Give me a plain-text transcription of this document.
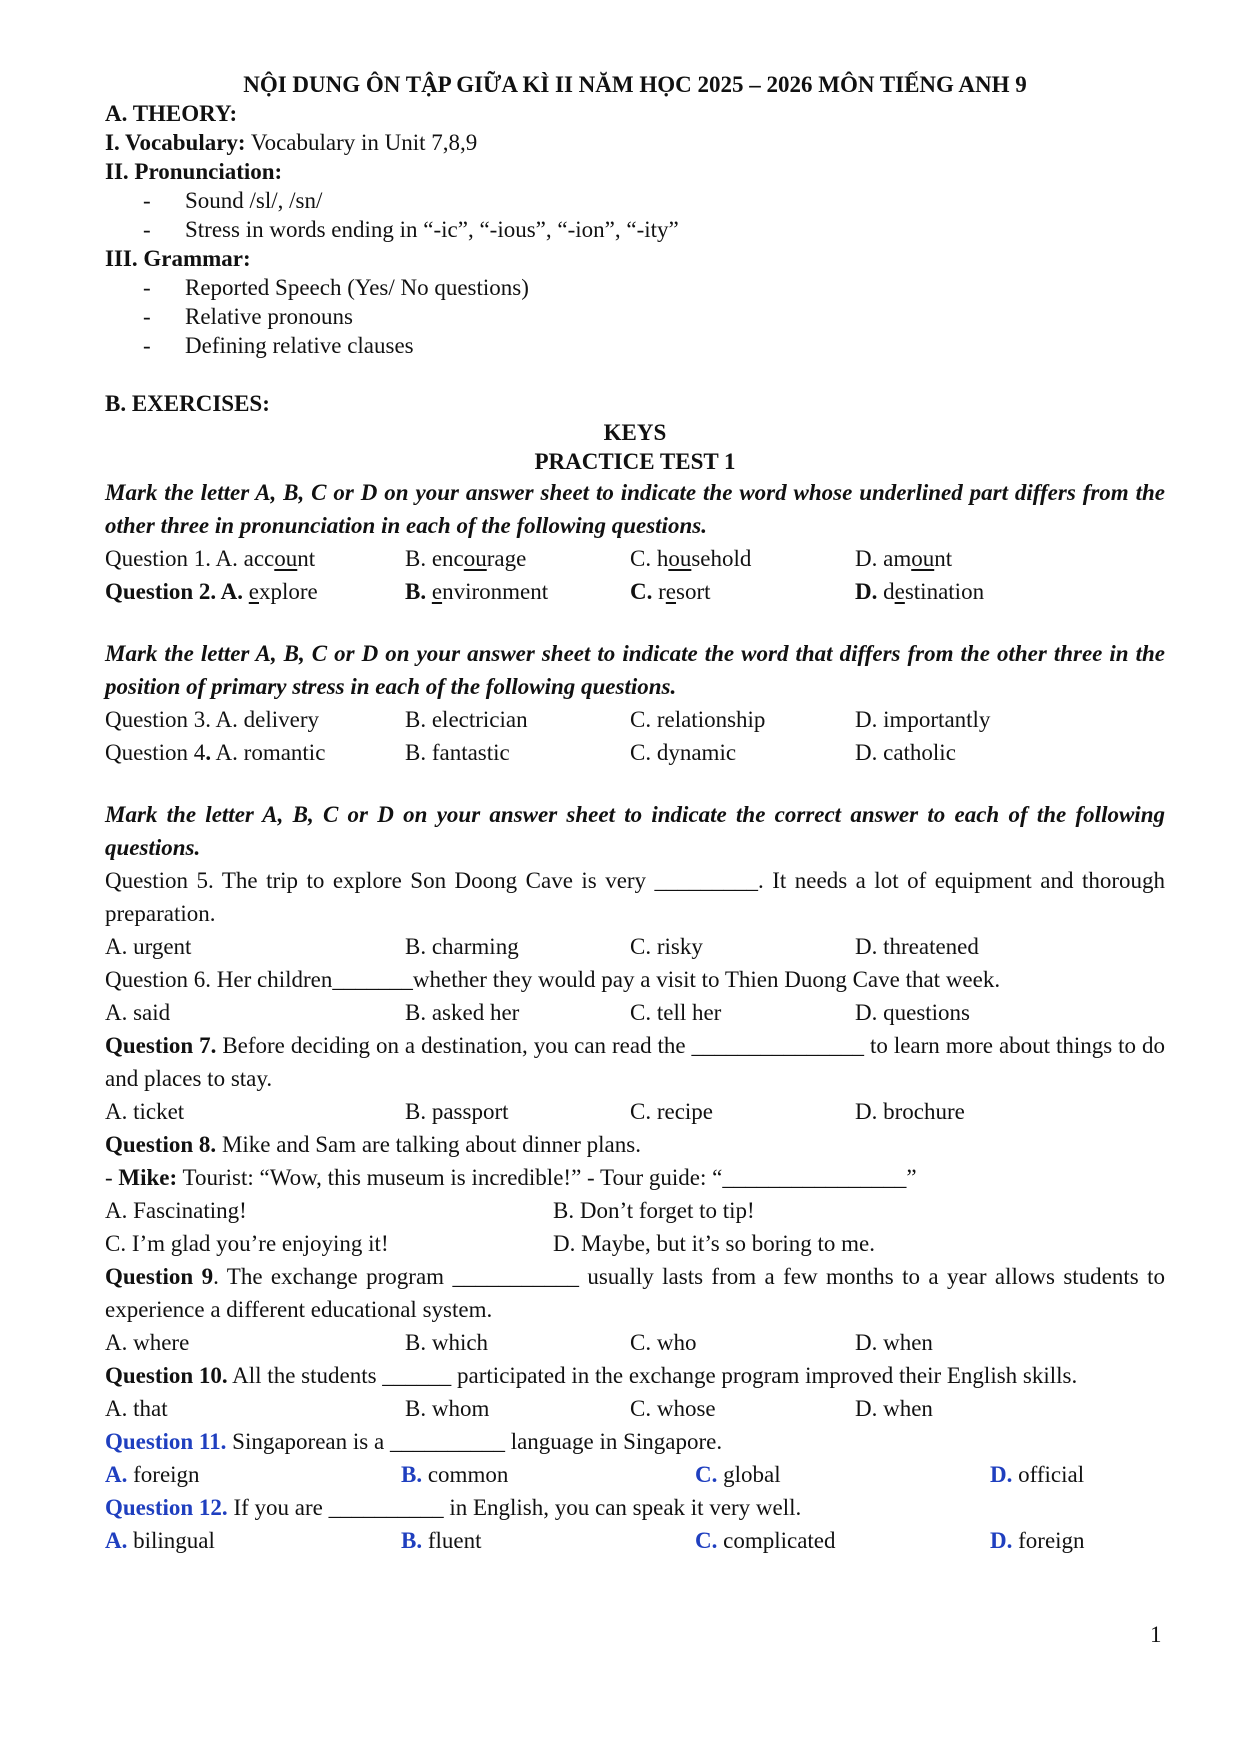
NỘI DUNG ÔN TẬP GIỮA KÌ II NĂM HỌC 2025 – 2026 MÔN TIẾNG ANH 9
A. THEORY:
I. Vocabulary: Vocabulary in Unit 7,8,9
II. Pronunciation:
- Sound /sl/, /sn/
- Stress in words ending in “-ic”, “-ious”, “-ion”, “-ity”
III. Grammar:
- Reported Speech (Yes/ No questions)
- Relative pronouns
- Defining relative clauses
B. EXERCISES:
KEYS
PRACTICE TEST 1
Mark the letter A, B, C or D on your answer sheet to indicate the word whose underlined part differs from the other three in pronunciation in each of the following questions.
Question 1. A. account	B. encourage	C. household	D. amount
Question 2. A. explore	B. environment	C. resort	D. destination
Mark the letter A, B, C or D on your answer sheet to indicate the word that differs from the other three in the position of primary stress in each of the following questions.
Question 3. A. delivery	B. electrician	C. relationship	D. importantly
Question 4. A. romantic	B. fantastic	C. dynamic	D. catholic
Mark the letter A, B, C or D on your answer sheet to indicate the correct answer to each of the following questions.
Question 5. The trip to explore Son Doong Cave is very _________. It needs a lot of equipment and thorough preparation.
A. urgent	B. charming	C. risky	D. threatened
Question 6. Her children_______whether they would pay a visit to Thien Duong Cave that week.
A. said	B. asked her	C. tell her	D. questions
Question 7. Before deciding on a destination, you can read the _______________ to learn more about things to do and places to stay.
A. ticket	B. passport	C. recipe	D. brochure
Question 8. Mike and Sam are talking about dinner plans.
- Mike: Tourist: “Wow, this museum is incredible!” - Tour guide: “________________”
A. Fascinating!	B. Don’t forget to tip!
C. I’m glad you’re enjoying it!	D. Maybe, but it’s so boring to me.
Question 9. The exchange program ___________ usually lasts from a few months to a year allows students to experience a different educational system.
A. where	B. which	C. who	D. when
Question 10. All the students ______ participated in the exchange program improved their English skills.
A. that	B. whom	C. whose	D. when
Question 11. Singaporean is a __________ language in Singapore.
A. foreign	B. common	C. global	D. official
Question 12. If you are __________ in English, you can speak it very well.
A. bilingual	B. fluent	C. complicated	D. foreign
1
